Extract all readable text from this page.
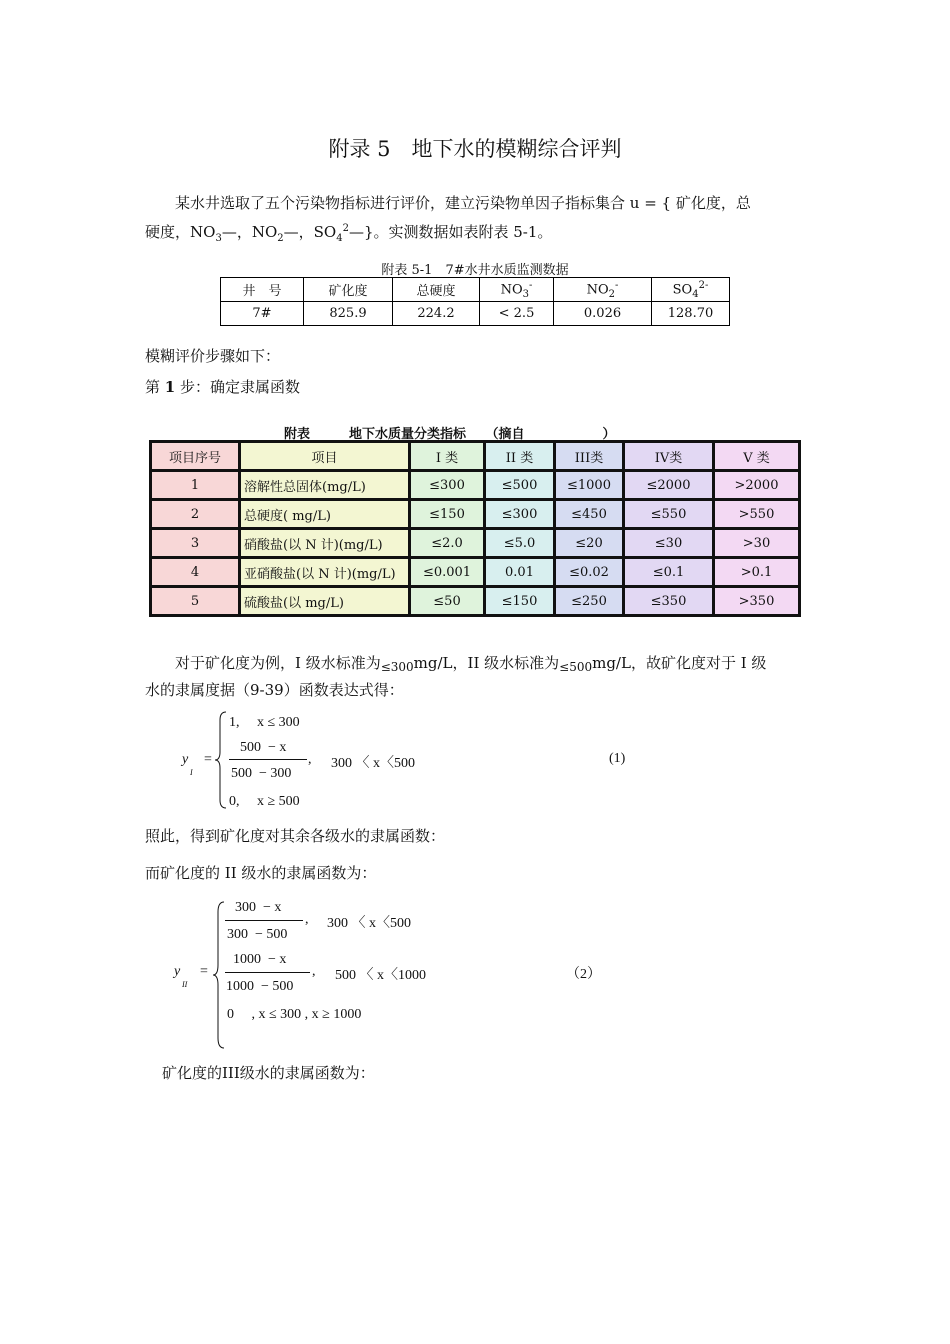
附录 5　地下水的模糊综合评判
某水井选取了五个污染物指标进行评价，建立污染物单因子指标集合 u = { 矿化度，总
硬度，$NO_3—$，$NO_2—$，$SO_4^2—$}。实测数据如表附表 5-1。
附表 5-1　7#水井水质监测数据
井　号	矿化度	总硬度	$NO_3^-$	$NO_2^-$	$SO_4^{2-}$
7#	825.9	224.2	< 2.5	0.026	128.70
模糊评价步骤如下：
第 1 步：确定隶属函数
附表　　　地下水质量分类指标　　（摘自　　　　　　）
项目序号	项目	I 类	II 类	III类	IV类	V 类
1	溶解性总固体(mg/L)	≤300	≤500	≤1000	≤2000	>2000
2	总硬度( mg/L)	≤150	≤300	≤450	≤550	>550
3	硝酸盐(以 N 计)(mg/L)	≤2.0	≤5.0	≤20	≤30	>30
4	亚硝酸盐(以 N 计)(mg/L)	≤0.001	0.01	≤0.02	≤0.1	>0.1
5	硫酸盐(以 mg/L)	≤50	≤150	≤250	≤350	>350
对于矿化度为例，I 级水标准为$_{\le 300}$mg/L，II 级水标准为$_{\le 500}$mg/L，故矿化度对于 I 级
水的隶属度据（9-39）函数表达式得：
y
I
=
1,　 x ≤ 300
500  − x
500  − 300
, 300 〈 x〈500
0,　 x ≥ 500
(1)
照此，得到矿化度对其余各级水的隶属函数：
而矿化度的 II 级水的隶属函数为：
y
II
=
300  − x
300  − 500
, 300 〈 x〈500
1000  − x
1000  − 500
, 500 〈 x〈1000
0　 , x ≤ 300 , x ≥ 1000
（2）
矿化度的III级水的隶属函数为：
